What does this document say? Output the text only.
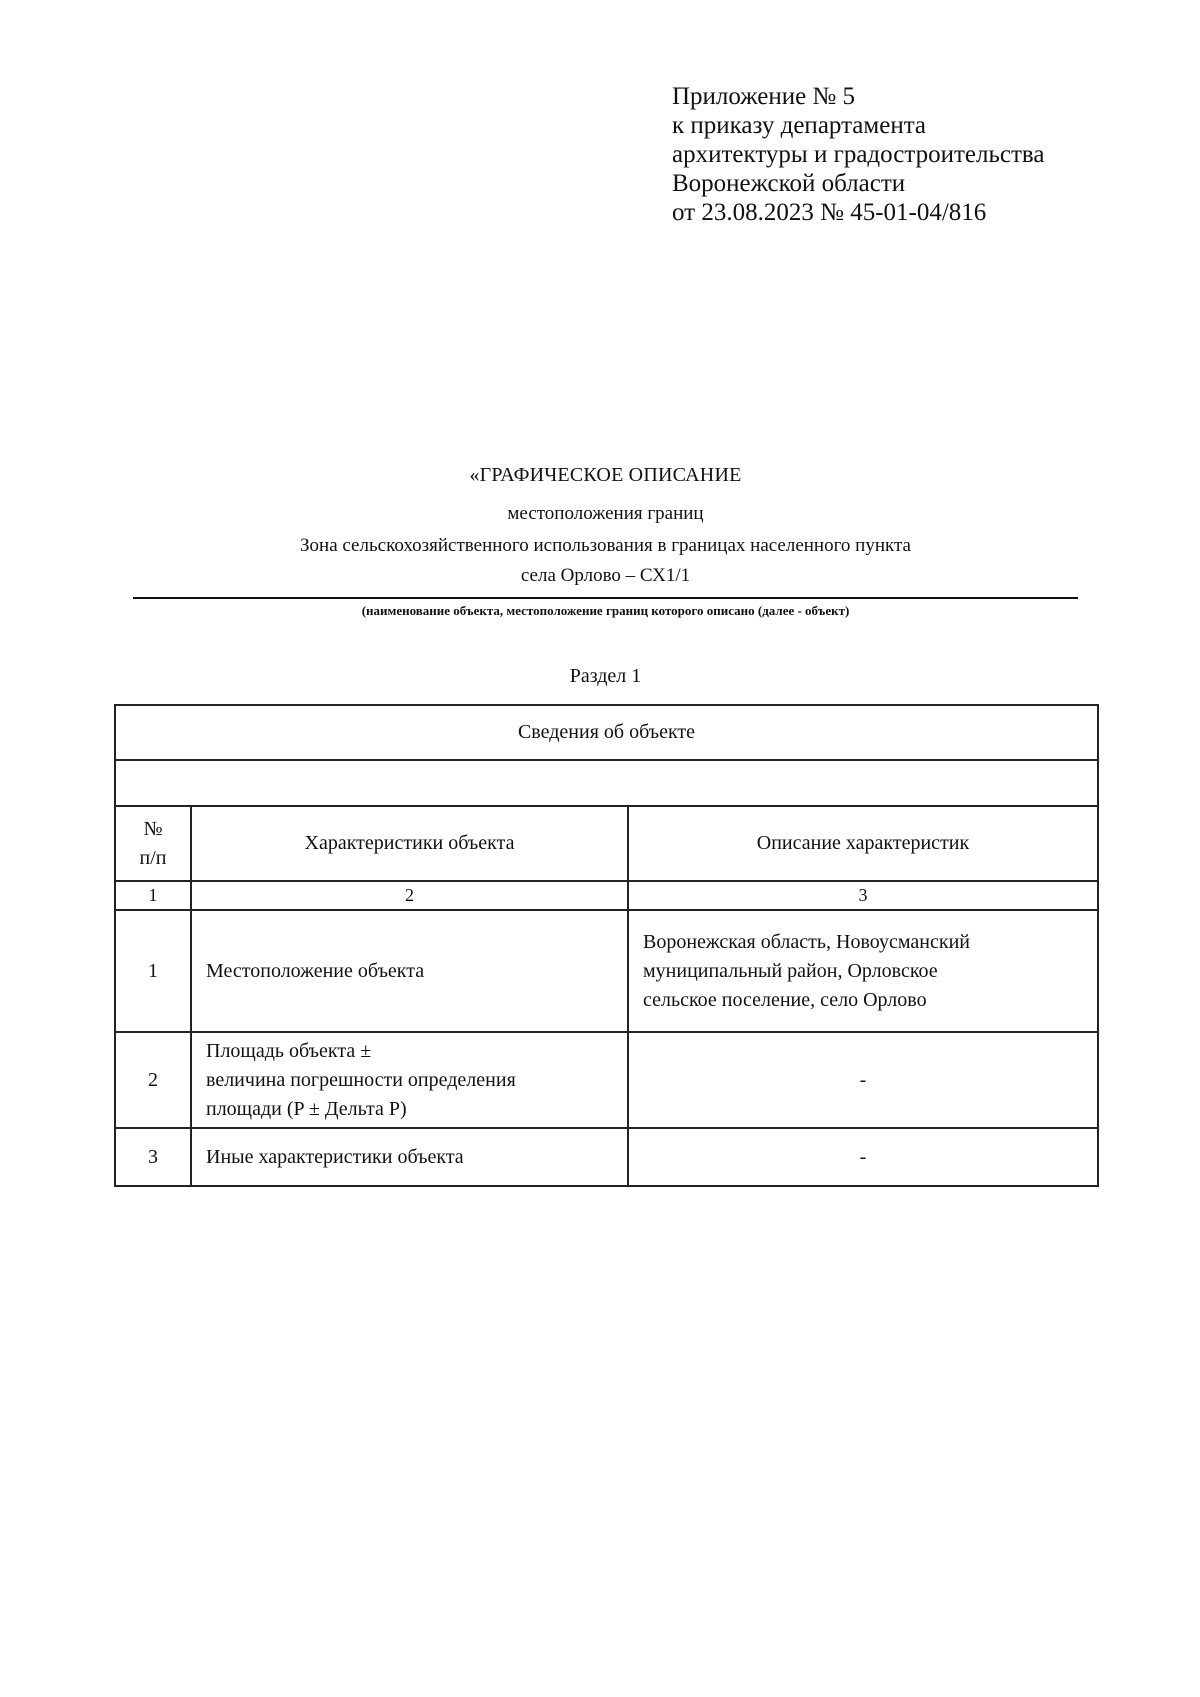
Приложение № 5
к приказу департамента
архитектуры и градостроительства
Воронежской области
от 23.08.2023 № 45-01-04/816
«ГРАФИЧЕСКОЕ ОПИСАНИЕ
местоположения границ
Зона сельскохозяйственного использования в границах населенного пункта
села Орлово – СХ1/1
(наименование объекта, местоположение границ которого описано (далее - объект)
Раздел 1
Сведения об объекте		

№
п/п	Характеристики объекта	Описание характеристик
1	2	3
1	Местоположение объекта	Воронежская область, Новоусманский
муниципальный район, Орловское
сельское поселение, село Орлово

2	Площадь объекта ±
величина погрешности определения
площади (P ± Дельта P)	-

3	Иные характеристики объекта	-
